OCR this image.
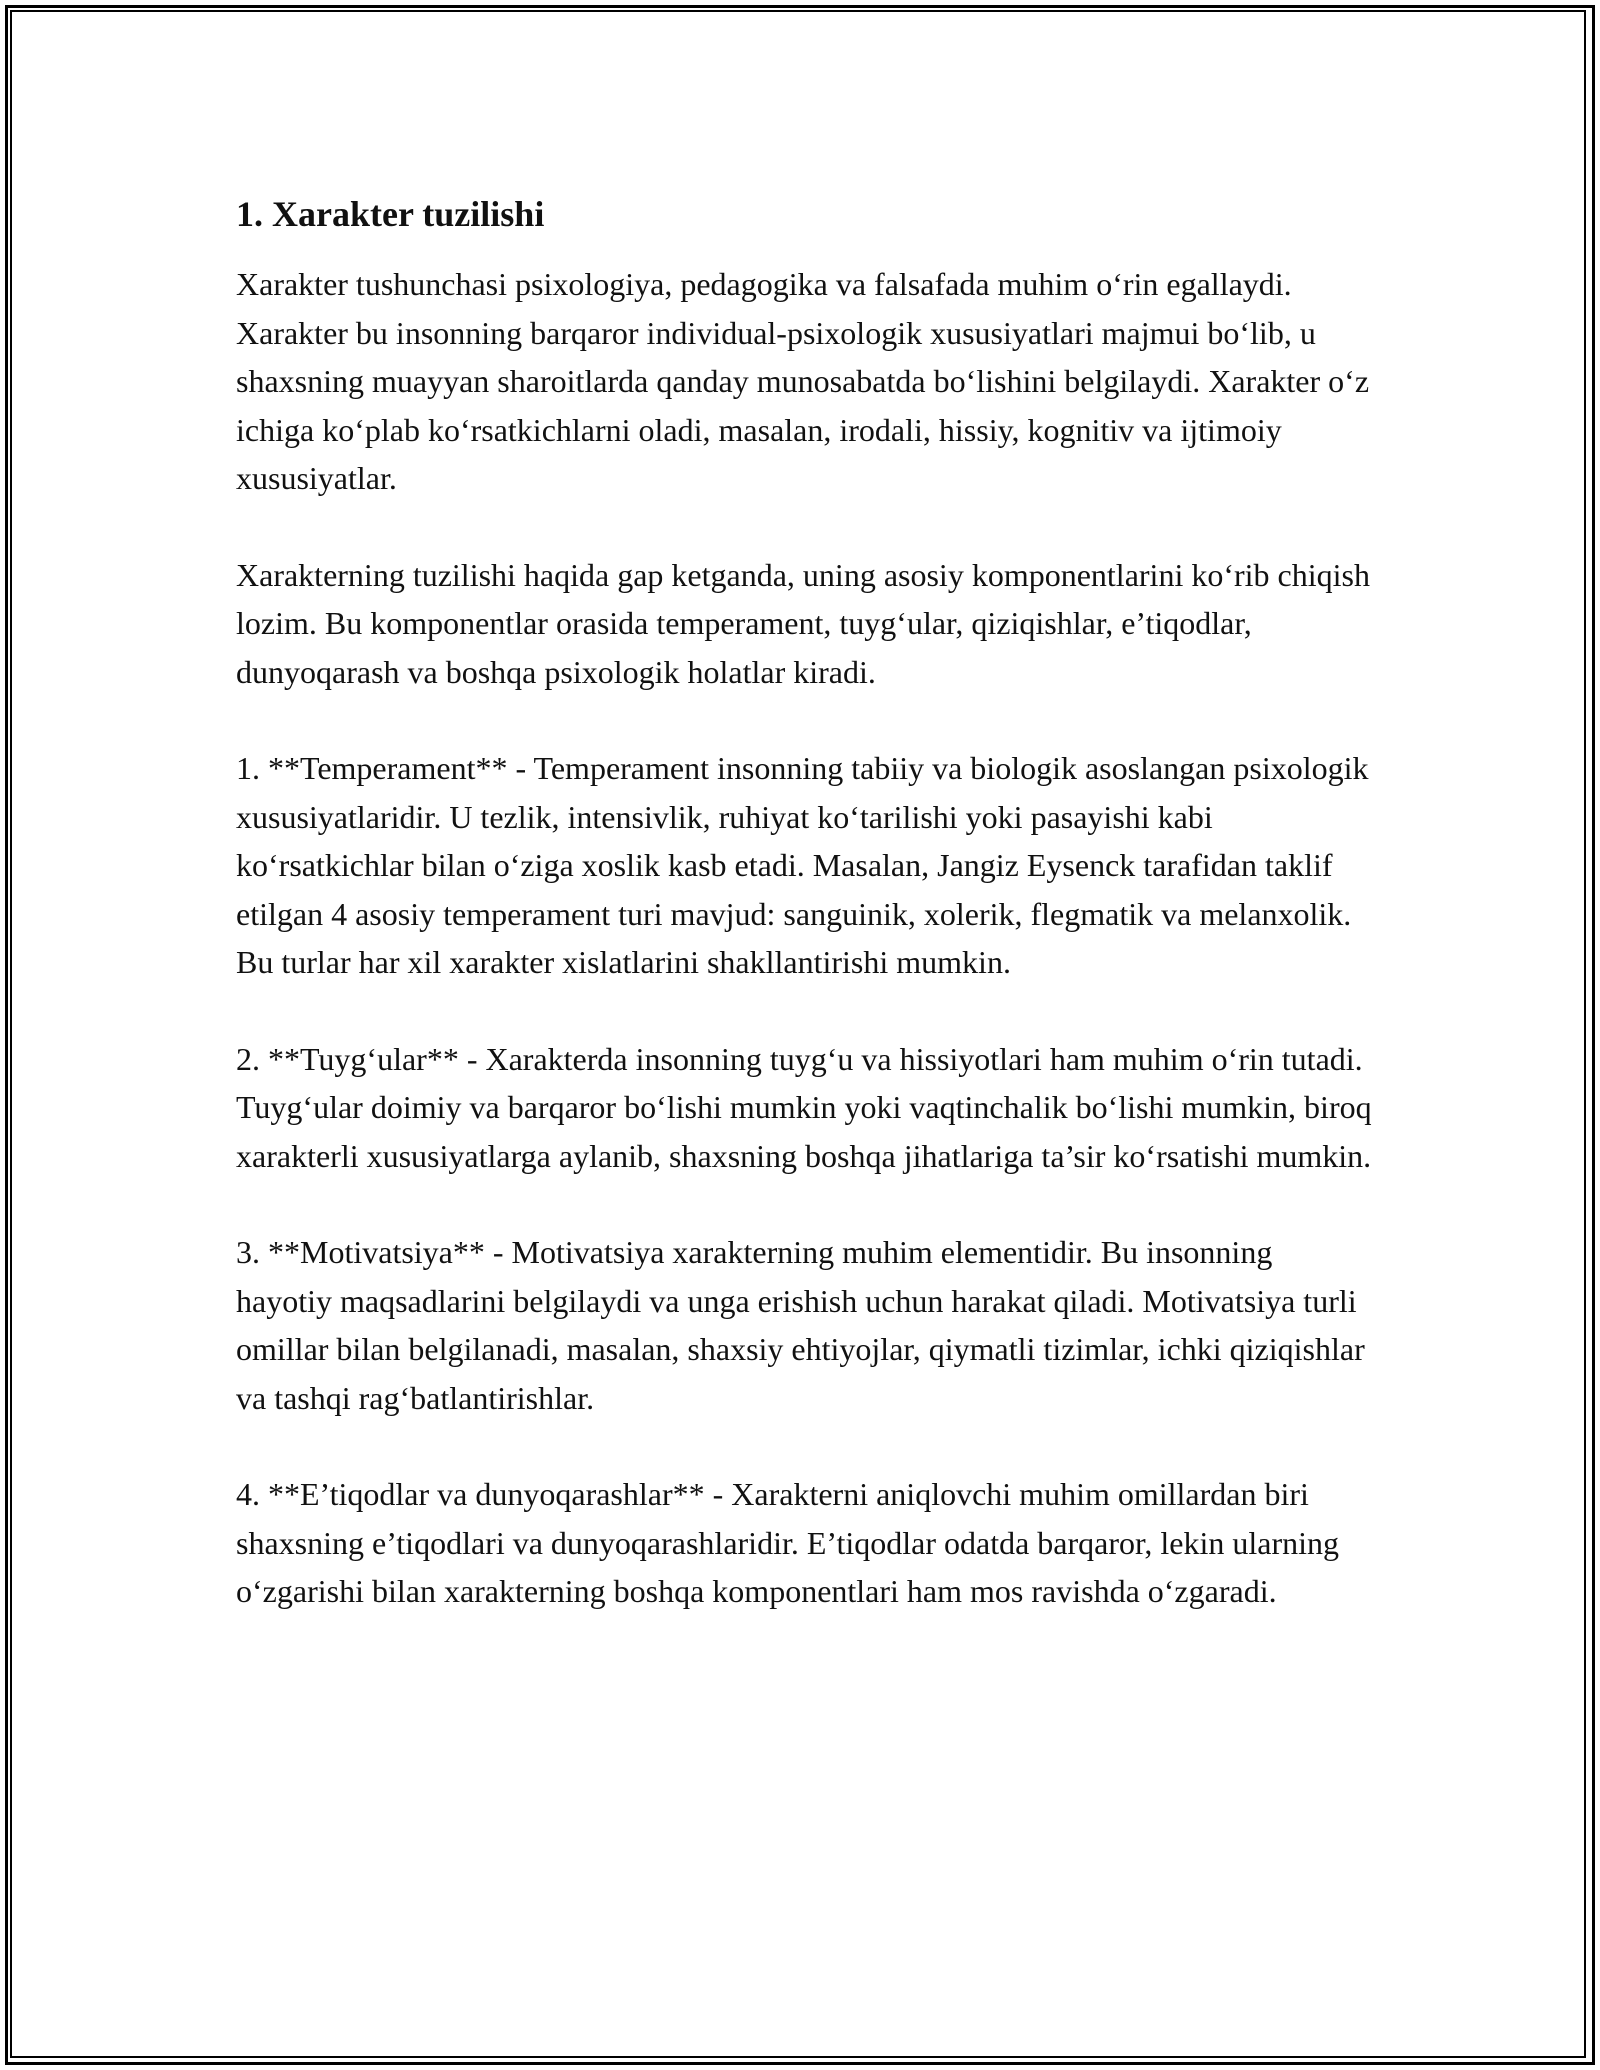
1. Xarakter tuzilishi

Xarakter tushunchasi psixologiya, pedagogika va falsafada muhim o‘rin egallaydi. Xarakter bu insonning barqaror individual-psixologik xususiyatlari majmui bo‘lib, u shaxsning muayyan sharoitlarda qanday munosabatda bo‘lishini belgilaydi. Xarakter o‘z ichiga ko‘plab ko‘rsatkichlarni oladi, masalan, irodali, hissiy, kognitiv va ijtimoiy xususiyatlar.

Xarakterning tuzilishi haqida gap ketganda, uning asosiy komponentlarini ko‘rib chiqish lozim. Bu komponentlar orasida temperament, tuyg‘ular, qiziqishlar, e’tiqodlar, dunyoqarash va boshqa psixologik holatlar kiradi.

1. **Temperament** - Temperament insonning tabiiy va biologik asoslangan psixologik xususiyatlaridir. U tezlik, intensivlik, ruhiyat ko‘tarilishi yoki pasayishi kabi ko‘rsatkichlar bilan o‘ziga xoslik kasb etadi. Masalan, Jangiz Eysenck tarafidan taklif etilgan 4 asosiy temperament turi mavjud: sanguinik, xolerik, flegmatik va melanxolik. Bu turlar har xil xarakter xislatlarini shakllantirishi mumkin.

2. **Tuyg‘ular** - Xarakterda insonning tuyg‘u va hissiyotlari ham muhim o‘rin tutadi. Tuyg‘ular doimiy va barqaror bo‘lishi mumkin yoki vaqtinchalik bo‘lishi mumkin, biroq xarakterli xususiyatlarga aylanib, shaxsning boshqa jihatlariga ta’sir ko‘rsatishi mumkin.

3. **Motivatsiya** - Motivatsiya xarakterning muhim elementidir. Bu insonning hayotiy maqsadlarini belgilaydi va unga erishish uchun harakat qiladi. Motivatsiya turli omillar bilan belgilanadi, masalan, shaxsiy ehtiyojlar, qiymatli tizimlar, ichki qiziqishlar va tashqi rag‘batlantirishlar.

4. **E’tiqodlar va dunyoqarashlar** - Xarakterni aniqlovchi muhim omillardan biri shaxsning e’tiqodlari va dunyoqarashlaridir. E’tiqodlar odatda barqaror, lekin ularning o‘zgarishi bilan xarakterning boshqa komponentlari ham mos ravishda o‘zgaradi.
